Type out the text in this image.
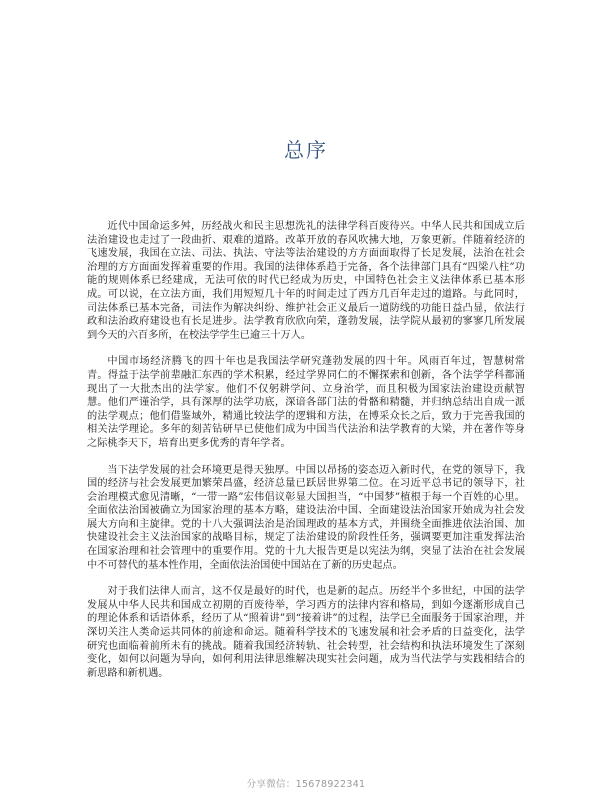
总序

近代中国命运多舛，历经战火和民主思想洗礼的法律学科百废待兴。中华人民共和国成立后法治建设也走过了一段曲折、艰难的道路。改革开放的春风吹拂大地，万象更新。伴随着经济的飞速发展，我国在立法、司法、执法、守法等法治建设的方方面面取得了长足发展，法治在社会治理的方方面面发挥着重要的作用。我国的法律体系趋于完备，各个法律部门具有“四梁八柱”功能的规则体系已经建成，无法可依的时代已经成为历史，中国特色社会主义法律体系已基本形成。可以说，在立法方面，我们用短短几十年的时间走过了西方几百年走过的道路。与此同时，司法体系已基本完备，司法作为解决纠纷、维护社会正义最后一道防线的功能日益凸显，依法行政和法治政府建设也有长足进步。法学教育欣欣向荣，蓬勃发展，法学院从最初的寥寥几所发展到今天的六百多所，在校法学学生已逾三十万人。

中国市场经济腾飞的四十年也是我国法学研究蓬勃发展的四十年。风雨百年过，智慧树常青。得益于法学前辈融汇东西的学术积累，经过学界同仁的不懈探索和创新，各个法学学科都涌现出了一大批杰出的法学家。他们不仅躬耕学问、立身治学，而且积极为国家法治建设贡献智慧。他们严谨治学，具有深厚的法学功底，深谙各部门法的骨骼和精髓，并归纳总结出自成一派的法学观点；他们借鉴域外，精通比较法学的逻辑和方法，在博采众长之后，致力于完善我国的相关法学理论。多年的刻苦钻研早已使他们成为中国当代法治和法学教育的大梁，并在著作等身之际桃李天下，培育出更多优秀的青年学者。

当下法学发展的社会环境更是得天独厚。中国以昂扬的姿态迈入新时代，在党的领导下，我国的经济与社会发展更加繁荣昌盛，经济总量已跃居世界第二位。在习近平总书记的领导下，社会治理模式愈见清晰，“一带一路”宏伟倡议彰显大国担当，“中国梦”植根于每一个百姓的心里。全面依法治国被确立为国家治理的基本方略，建设法治中国、全面建设法治国家开始成为社会发展大方向和主旋律。党的十八大强调法治是治国理政的基本方式，并围绕全面推进依法治国、加快建设社会主义法治国家的战略目标，规定了法治建设的阶段性任务，强调要更加注重发挥法治在国家治理和社会管理中的重要作用。党的十九大报告更是以宪法为纲，突显了法治在社会发展中不可替代的基本性作用，全面依法治国使中国站在了新的历史起点。

对于我们法律人而言，这不仅是最好的时代，也是新的起点。历经半个多世纪，中国的法学发展从中华人民共和国成立初期的百废待举，学习西方的法律内容和格局，到如今逐渐形成自己的理论体系和话语体系，经历了从“照着讲”到“接着讲”的过程，法学已全面服务于国家治理，并深切关注人类命运共同体的前途和命运。随着科学技术的飞速发展和社会矛盾的日益变化，法学研究也面临着前所未有的挑战。随着我国经济转轨、社会转型，社会结构和执法环境发生了深刻变化，如何以问题为导向，如何利用法律思维解决现实社会问题，成为当代法学与实践相结合的新思路和新机遇。

分享微信：15678922341
